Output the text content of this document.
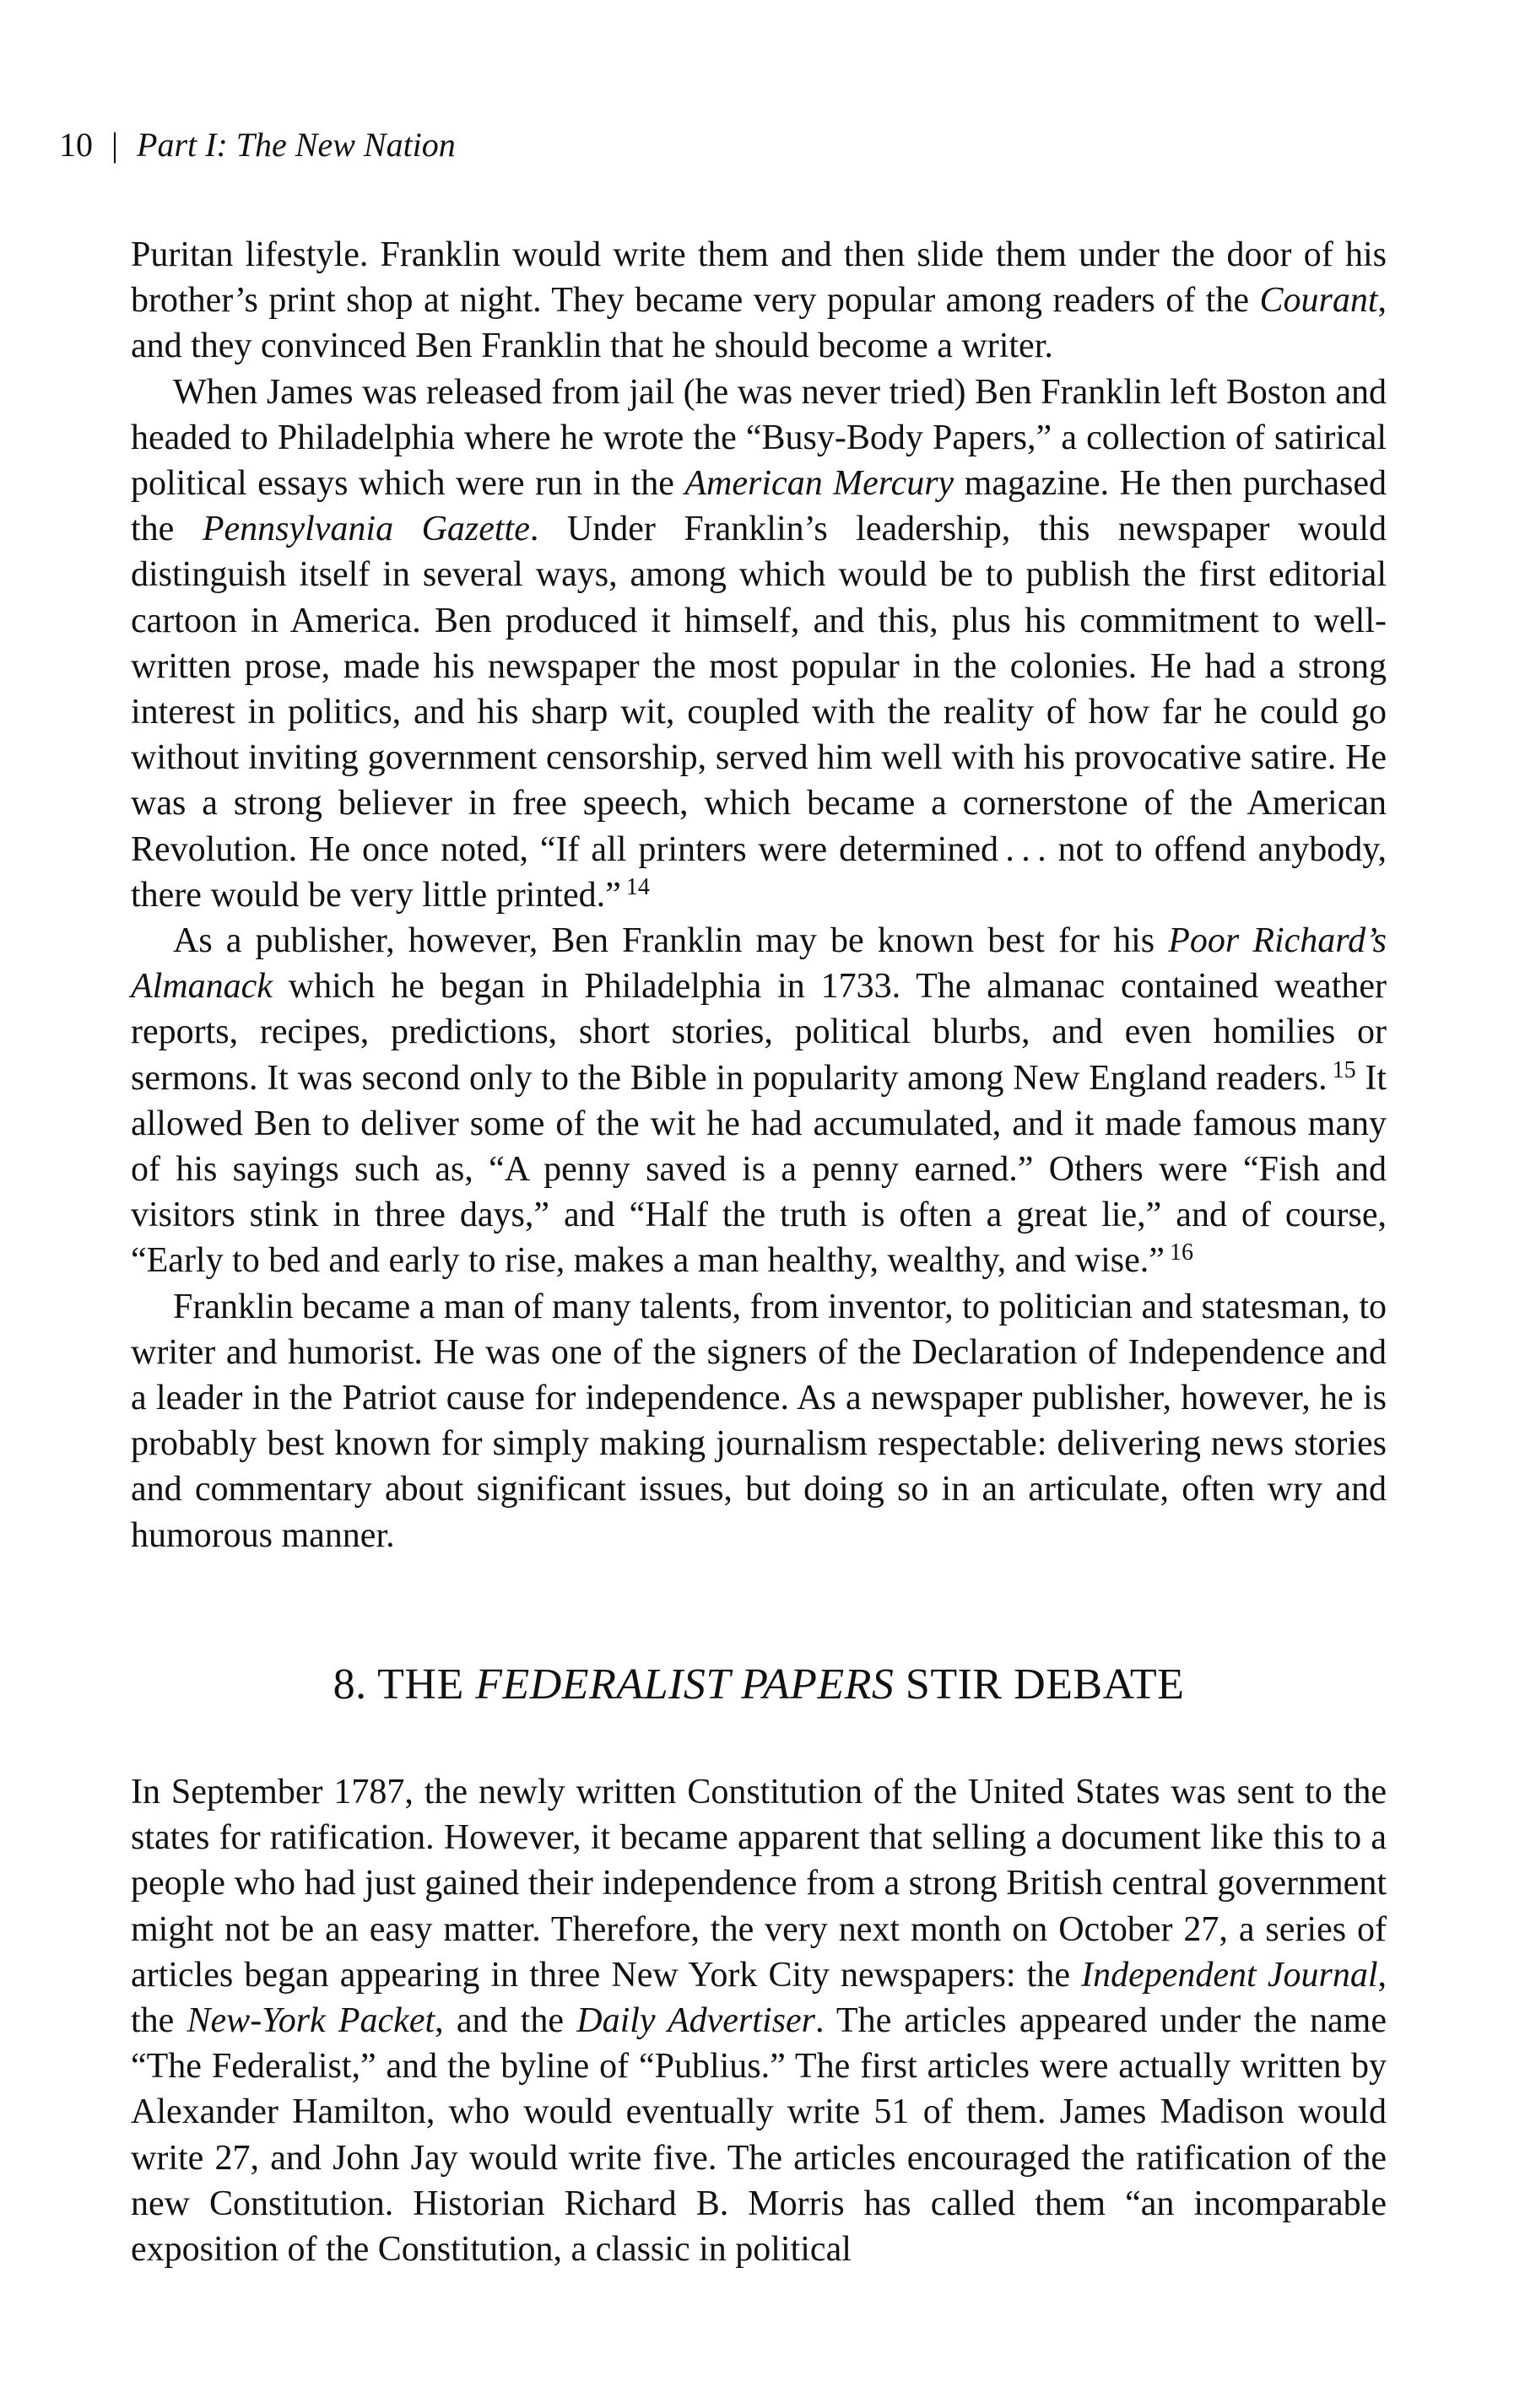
10 | Part I: The New Nation

Puritan lifestyle. Franklin would write them and then slide them under the door of his brother’s print shop at night. They became very popular among readers of the Courant, and they convinced Ben Franklin that he should become a writer.

When James was released from jail (he was never tried) Ben Franklin left Boston and headed to Philadelphia where he wrote the “Busy-Body Papers,” a collection of satirical political essays which were run in the American Mercury magazine. He then purchased the Pennsylvania Gazette. Under Franklin’s leadership, this newspaper would distinguish itself in several ways, among which would be to publish the first editorial cartoon in America. Ben produced it himself, and this, plus his commitment to well-written prose, made his newspaper the most popular in the colonies. He had a strong interest in politics, and his sharp wit, coupled with the reality of how far he could go without inviting government censorship, served him well with his provocative satire. He was a strong believer in free speech, which became a cornerstone of the American Revolution. He once noted, “If all printers were determined . . . not to offend anybody, there would be very little printed.” $^{14}$

As a publisher, however, Ben Franklin may be known best for his Poor Richard’s Almanack which he began in Philadelphia in 1733. The almanac contained weather reports, recipes, predictions, short stories, political blurbs, and even homilies or sermons. It was second only to the Bible in popularity among New England readers. $^{15}$ It allowed Ben to deliver some of the wit he had accumulated, and it made famous many of his sayings such as, “A penny saved is a penny earned.” Others were “Fish and visitors stink in three days,” and “Half the truth is often a great lie,” and of course, “Early to bed and early to rise, makes a man healthy, wealthy, and wise.” $^{16}$

Franklin became a man of many talents, from inventor, to politician and statesman, to writer and humorist. He was one of the signers of the Declaration of Independence and a leader in the Patriot cause for independence. As a newspaper publisher, however, he is probably best known for simply making journalism respectable: delivering news stories and commentary about significant issues, but doing so in an articulate, often wry and humorous manner.

8. THE FEDERALIST PAPERS STIR DEBATE

In September 1787, the newly written Constitution of the United States was sent to the states for ratification. However, it became apparent that selling a document like this to a people who had just gained their independence from a strong British central government might not be an easy matter. Therefore, the very next month on October 27, a series of articles began appearing in three New York City newspapers: the Independent Journal, the New-York Packet, and the Daily Advertiser. The articles appeared under the name “The Federalist,” and the byline of “Publius.” The first articles were actually written by Alexander Hamilton, who would eventually write 51 of them. James Madison would write 27, and John Jay would write five. The articles encouraged the ratification of the new Constitution. Historian Richard B. Morris has called them “an incomparable exposition of the Constitution, a classic in political
